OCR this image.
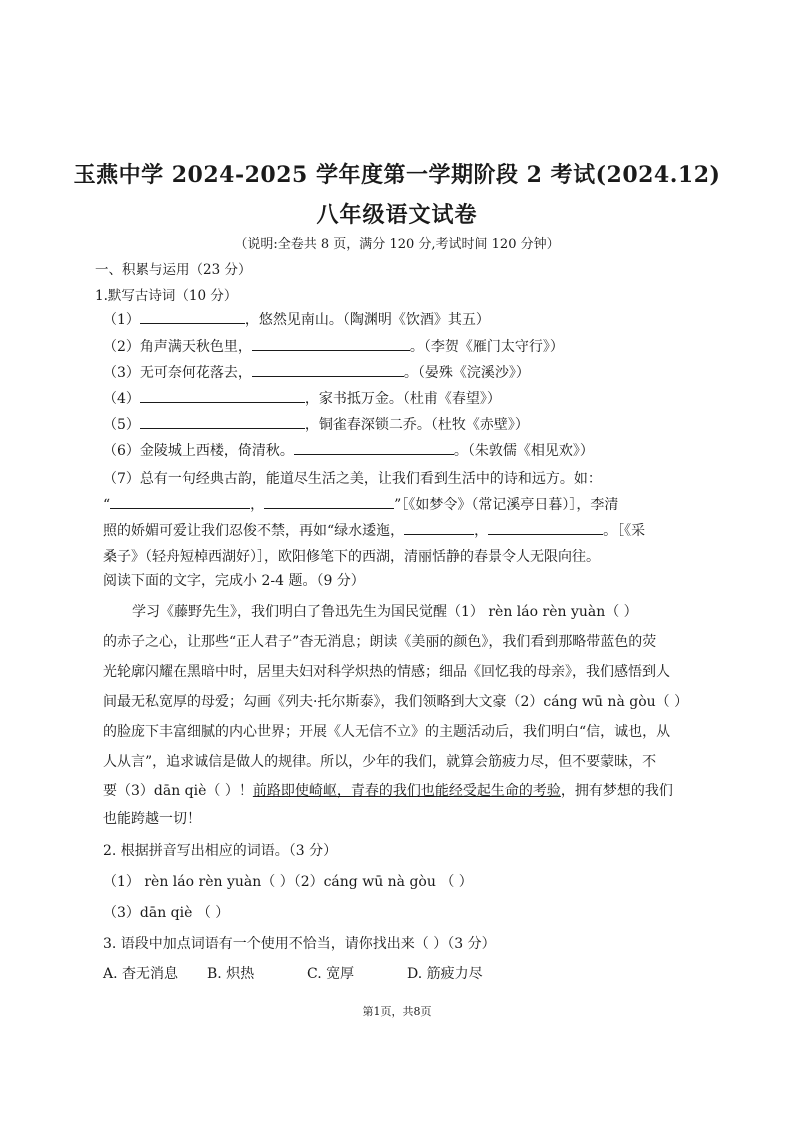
玉燕中学 2024-2025 学年度第一学期阶段 2 考试(2024.12)
八年级语文试卷
（说明:全卷共 8 页，满分 120 分,考试时间 120 分钟）
一、积累与运用（23 分）
1.默写古诗词（10 分）
（1）	，悠然见南山。（陶渊明《饮酒》其五）
（2）角声满天秋色里，	。（李贺《雁门太守行》）
（3）无可奈何花落去，	。（晏殊《浣溪沙》）
（4）	，家书抵万金。（杜甫《春望》）
（5）	，铜雀春深锁二乔。（杜牧《赤壁》）
（6）金陵城上西楼，倚清秋。	。（朱敦儒《相见欢》）
（7）总有一句经典古韵，能道尽生活之美，让我们看到生活中的诗和远方。如：
“	，	”［《如梦令》（常记溪亭日暮）］，李清
照的娇媚可爱让我们忍俊不禁，再如“绿水逶迤，	，	。［《采
桑子》（轻舟短棹西湖好）］，欧阳修笔下的西湖，清丽恬静的春景令人无限向往。
阅读下面的文字，完成小 2-4 题。（9 分）
学习《藤野先生》，我们明白了鲁迅先生为国民觉醒（1） rèn láo rèn yuàn（ ）
的赤子之心，让那些“正人君子”杳无消息；朗读《美丽的颜色》，我们看到那略带蓝色的荧
光轮廓闪耀在黑暗中时，居里夫妇对科学炽热的情感；细品《回忆我的母亲》，我们感悟到人
间最无私宽厚的母爱；勾画《列夫·托尔斯泰》，我们领略到大文豪（2）cáng wū nà gòu（ ）
的脸庞下丰富细腻的内心世界；开展《人无信不立》的主题活动后，我们明白“信，诚也，从
人从言”，追求诚信是做人的规律。所以，少年的我们，就算会筋疲力尽，但不要蒙昧，不
要（3）dān qiè（ ）！前路即使崎岖，青春的我们也能经受起生命的考验，拥有梦想的我们
也能跨越一切！
2. 根据拼音写出相应的词语。（3 分）
（1） rèn láo rèn yuàn（ ）（2）cáng wū nà gòu （ ）
（3）dān qiè （ ）
3. 语段中加点词语有一个使用不恰当，请你找出来（ ）（3 分）
A. 杳无消息 B. 炽热	C. 宽厚	D. 筋疲力尽
第1页，共8页
